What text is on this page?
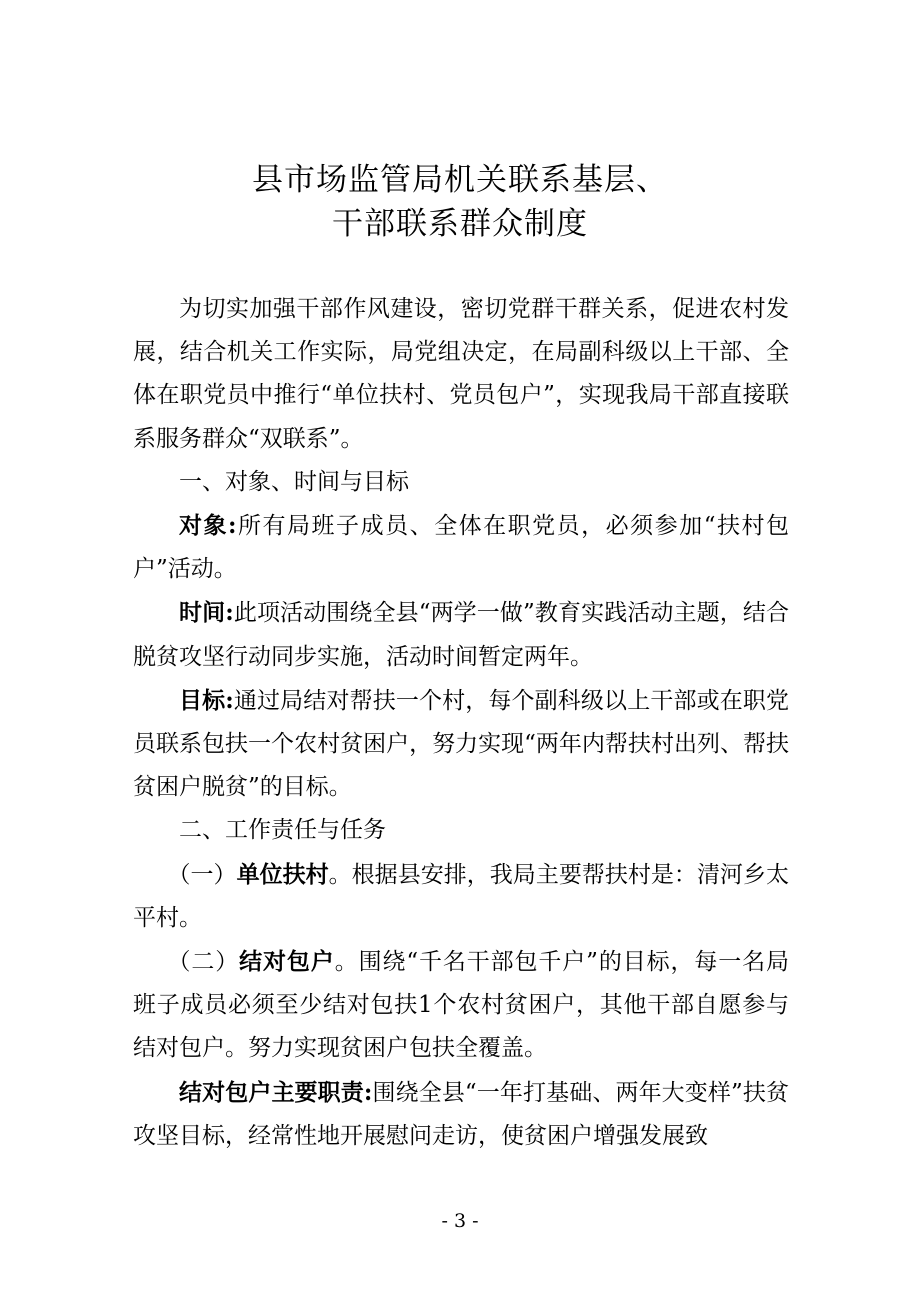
县市场监管局机关联系基层、
干部联系群众制度

为切实加强干部作风建设，密切党群干群关系，促进农村发展，结合机关工作实际，局党组决定，在局副科级以上干部、全体在职党员中推行“单位扶村、党员包户”，实现我局干部直接联系服务群众“双联系”。

一、对象、时间与目标

对象:所有局班子成员、全体在职党员，必须参加“扶村包户”活动。

时间:此项活动围绕全县“两学一做”教育实践活动主题，结合脱贫攻坚行动同步实施，活动时间暂定两年。

目标:通过局结对帮扶一个村，每个副科级以上干部或在职党员联系包扶一个农村贫困户，努力实现“两年内帮扶村出列、帮扶贫困户脱贫”的目标。

二、工作责任与任务

（一）单位扶村。根据县安排，我局主要帮扶村是：清河乡太平村。

（二）结对包户。围绕“千名干部包千户”的目标，每一名局班子成员必须至少结对包扶1个农村贫困户，其他干部自愿参与结对包户。努力实现贫困户包扶全覆盖。

结对包户主要职责:围绕全县“一年打基础、两年大变样”扶贫攻坚目标，经常性地开展慰问走访，使贫困户增强发展致

- 3 -
